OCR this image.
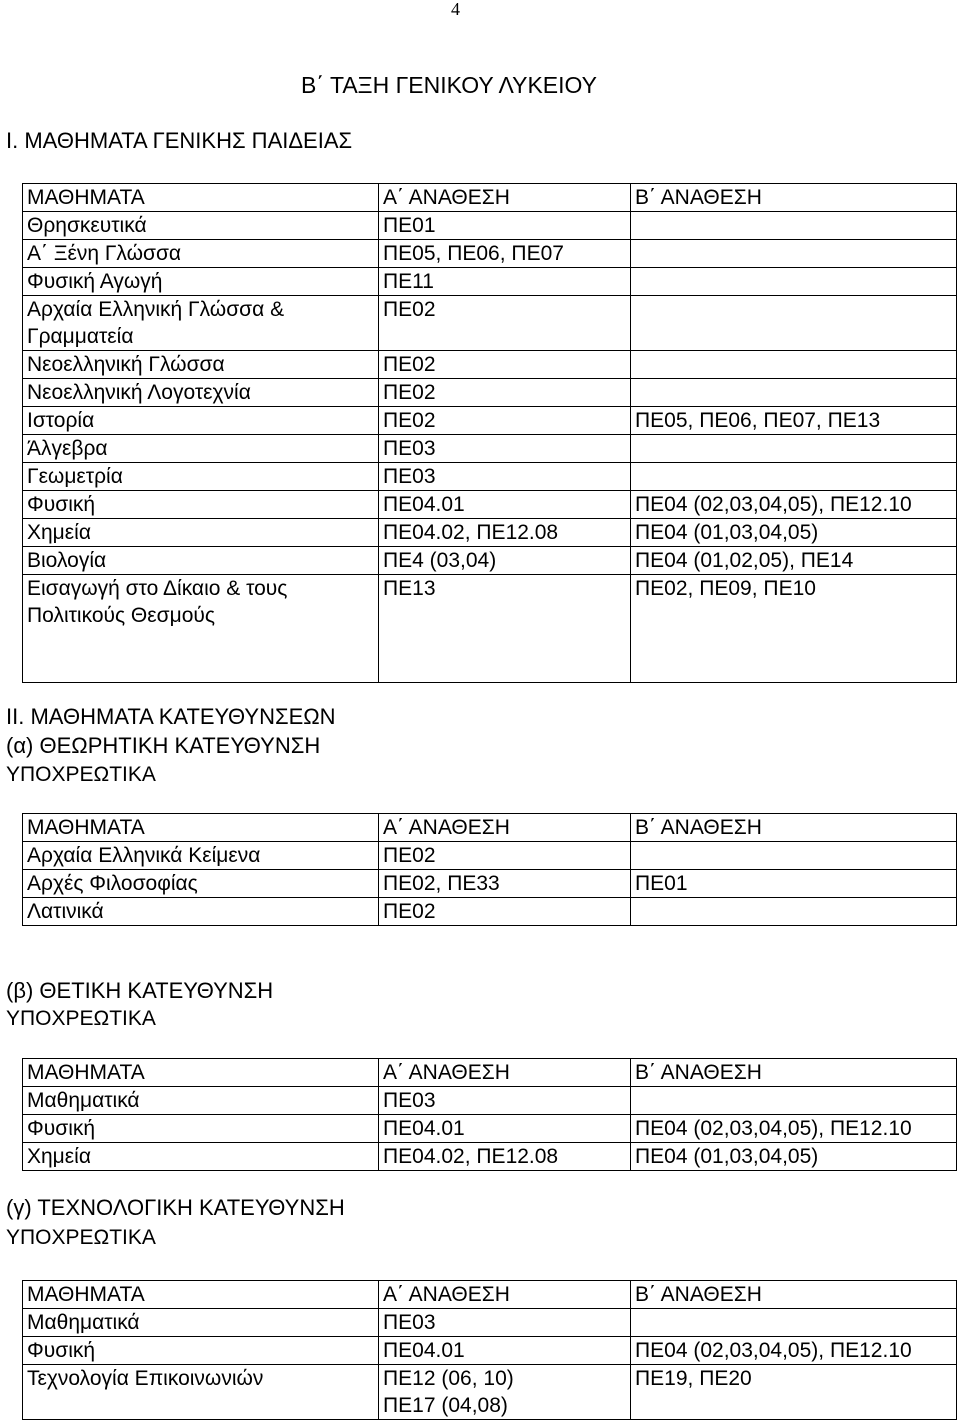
4
Β΄ ΤΑΞΗ ΓΕΝΙΚΟΥ ΛΥΚΕΙΟΥ
Ι. ΜΑΘΗΜΑΤΑ ΓΕΝΙΚΗΣ ΠΑΙΔΕΙΑΣ
ΜΑΘΗΜΑΤΑ	Α΄ ΑΝΑΘΕΣΗ	Β΄ ΑΝΑΘΕΣΗ
Θρησκευτικά	ΠΕ01	
Α΄ Ξένη Γλώσσα	ΠΕ05, ΠΕ06, ΠΕ07	
Φυσική Αγωγή	ΠΕ11	
Αρχαία Ελληνική Γλώσσα & Γραμματεία	ΠΕ02	
Νεοελληνική Γλώσσα	ΠΕ02	
Νεοελληνική Λογοτεχνία	ΠΕ02	
Ιστορία	ΠΕ02	ΠΕ05, ΠΕ06, ΠΕ07, ΠΕ13
Άλγεβρα	ΠΕ03	
Γεωμετρία	ΠΕ03	
Φυσική	ΠΕ04.01	ΠΕ04 (02,03,04,05), ΠΕ12.10
Χημεία	ΠΕ04.02, ΠΕ12.08	ΠΕ04 (01,03,04,05)
Βιολογία	ΠΕ4 (03,04)	ΠΕ04 (01,02,05), ΠΕ14
Εισαγωγή στο Δίκαιο & τους Πολιτικούς Θεσμούς	ΠΕ13	ΠΕ02, ΠΕ09, ΠΕ10
ΙΙ. ΜΑΘΗΜΑΤΑ ΚΑΤΕΥΘΥΝΣΕΩΝ
(α) ΘΕΩΡΗΤΙΚΗ ΚΑΤΕΥΘΥΝΣΗ
ΥΠΟΧΡΕΩΤΙΚΑ
ΜΑΘΗΜΑΤΑ	Α΄ ΑΝΑΘΕΣΗ	Β΄ ΑΝΑΘΕΣΗ
Αρχαία Ελληνικά Κείμενα	ΠΕ02	
Αρχές Φιλοσοφίας	ΠΕ02, ΠΕ33	ΠΕ01
Λατινικά	ΠΕ02	
(β) ΘΕΤΙΚΗ ΚΑΤΕΥΘΥΝΣΗ
ΥΠΟΧΡΕΩΤΙΚΑ
ΜΑΘΗΜΑΤΑ	Α΄ ΑΝΑΘΕΣΗ	Β΄ ΑΝΑΘΕΣΗ
Μαθηματικά	ΠΕ03	
Φυσική	ΠΕ04.01	ΠΕ04 (02,03,04,05), ΠΕ12.10
Χημεία	ΠΕ04.02, ΠΕ12.08	ΠΕ04 (01,03,04,05)
(γ) ΤΕΧΝΟΛΟΓΙΚΗ ΚΑΤΕΥΘΥΝΣΗ
ΥΠΟΧΡΕΩΤΙΚΑ
ΜΑΘΗΜΑΤΑ	Α΄ ΑΝΑΘΕΣΗ	Β΄ ΑΝΑΘΕΣΗ
Μαθηματικά	ΠΕ03	
Φυσική	ΠΕ04.01	ΠΕ04 (02,03,04,05), ΠΕ12.10
Τεχνολογία Επικοινωνιών	ΠΕ12 (06, 10) ΠΕ17 (04,08)	ΠΕ19, ΠΕ20
